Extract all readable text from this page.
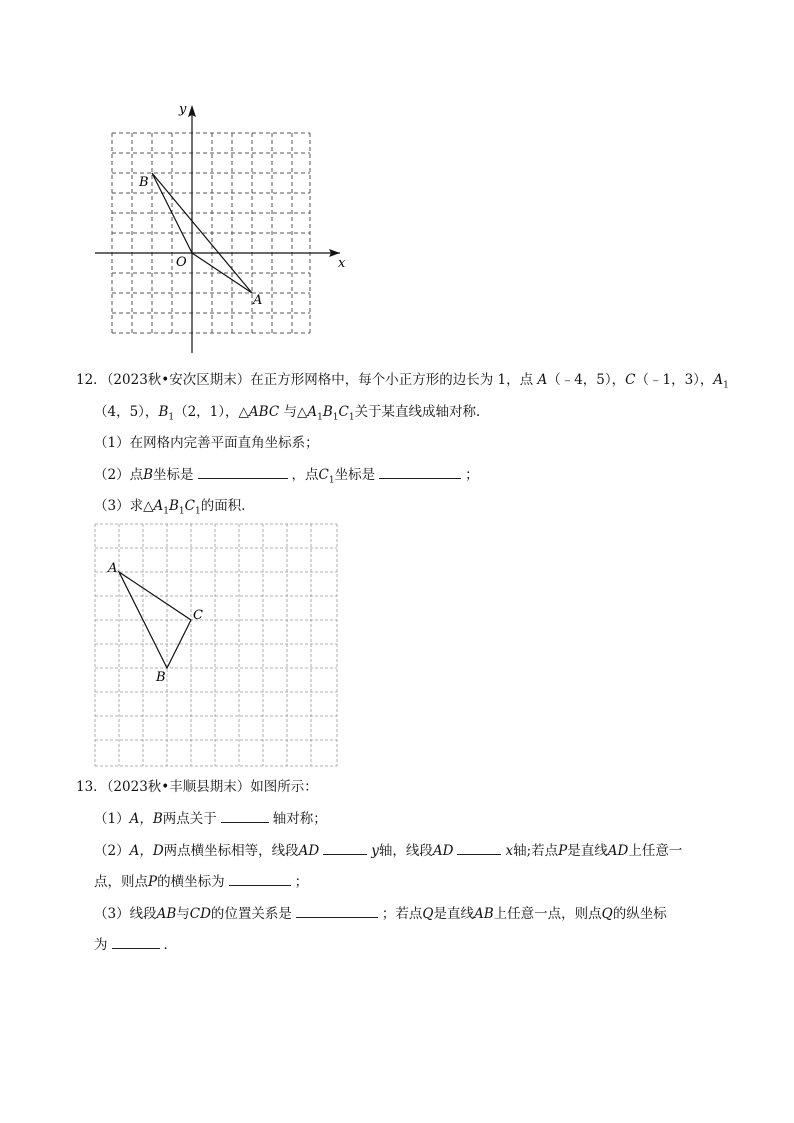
y
x
O
A
B
12．（2023秋•安次区期末）在正方形网格中，每个小正方形的边长为 1，点 A（﹣4，5），C（﹣1，3），$A_1$
（4，5），$B_1(2$，1），△ABC 与$\triangle A_1B_1C_1$关于某直线成轴对称．
（1）在网格内完善平面直角坐标系；
（2）点B坐标是	，点$C_1$坐标是	；
（3）求$\triangle A_1B_1C_1$的面积．
A
B
C
13．（2023秋•丰顺县期末）如图所示：
（1）A，B两点关于	轴对称；
（2）A，D两点横坐标相等，线段AD	y轴，线段AD	x轴;若点P是直线AD上任意一
点，则点P的横坐标为	；
（3）线段AB与CD的位置关系是	；若点Q是直线AB上任意一点，则点Q的纵坐标
为	．
